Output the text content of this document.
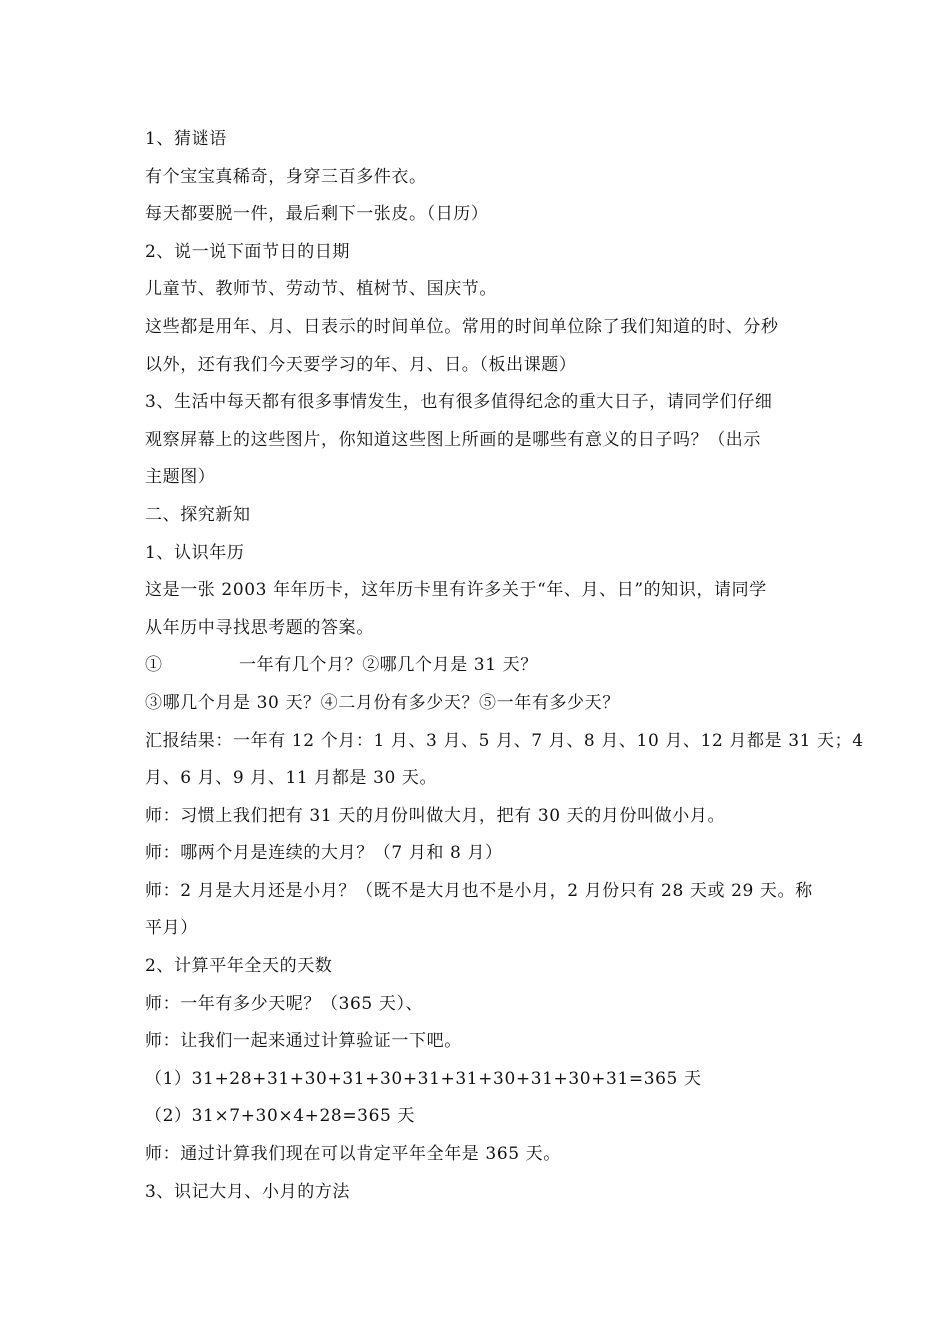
1、猜谜语
有个宝宝真稀奇，身穿三百多件衣。
每天都要脱一件，最后剩下一张皮。（日历）
2、说一说下面节日的日期
儿童节、教师节、劳动节、植树节、国庆节。
这些都是用年、月、日表示的时间单位。常用的时间单位除了我们知道的时、分秒
以外，还有我们今天要学习的年、月、日。（板出课题）
3、生活中每天都有很多事情发生，也有很多值得纪念的重大日子，请同学们仔细
观察屏幕上的这些图片，你知道这些图上所画的是哪些有意义的日子吗？（出示
主题图）
二、探究新知
1、认识年历
这是一张 2003 年年历卡，这年历卡里有许多关于“年、月、日”的知识，请同学
从年历中寻找思考题的答案。
①　　　　 一年有几个月？②哪几个月是 31 天？
③哪几个月是 30 天？④二月份有多少天？⑤一年有多少天？
汇报结果：一年有 12 个月：1 月、3 月、5 月、7 月、8 月、10 月、12 月都是 31 天；4
月、6 月、9 月、11 月都是 30 天。
师：习惯上我们把有 31 天的月份叫做大月，把有 30 天的月份叫做小月。
师：哪两个月是连续的大月？（7 月和 8 月）
师：2 月是大月还是小月？（既不是大月也不是小月，2 月份只有 28 天或 29 天。称
平月）
2、计算平年全天的天数
师：一年有多少天呢？（365 天）、
师：让我们一起来通过计算验证一下吧。
（1）31+28+31+30+31+30+31+31+30+31+30+31=365 天
（2）31×7+30×4+28=365 天
师：通过计算我们现在可以肯定平年全年是 365 天。
3、识记大月、小月的方法
